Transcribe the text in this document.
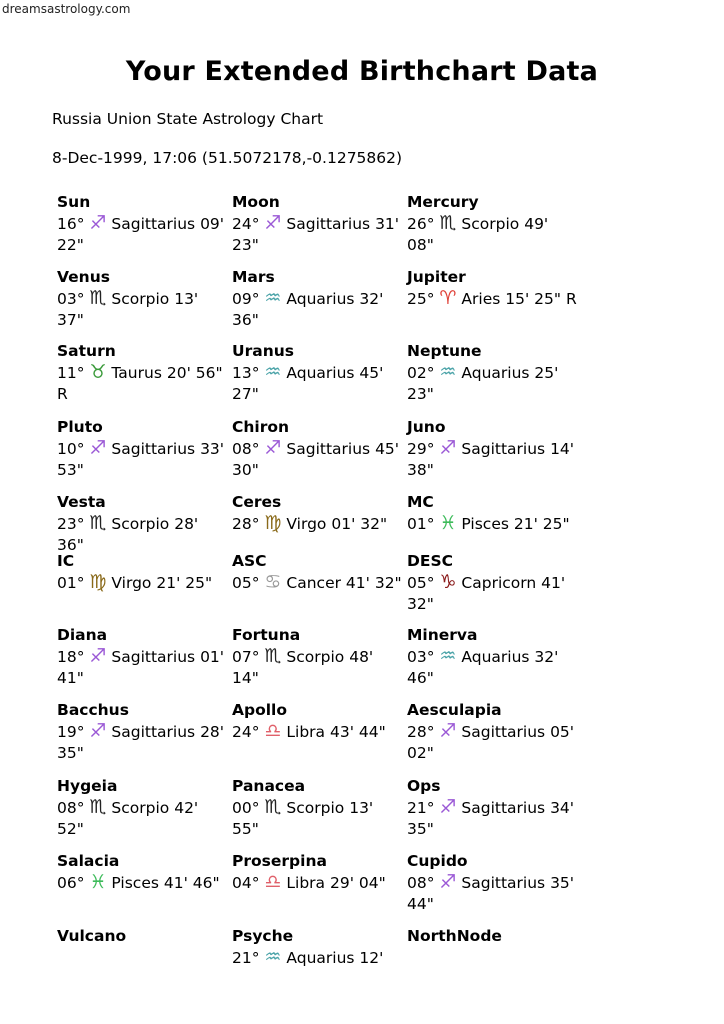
dreamsastrology.com
Your Extended Birthchart Data
Russia Union State Astrology Chart
8-Dec-1999, 17:06 (51.5072178,-0.1275862)
Sun
16° ♐︎ Sagittarius 09' 22"
Moon
24° ♐︎ Sagittarius 31' 23"
Mercury
26° ♏︎ Scorpio 49' 08"
Venus
03° ♏︎ Scorpio 13' 37"
Mars
09° ♒︎ Aquarius 32' 36"
Jupiter
25° ♈︎ Aries 15' 25" R
Saturn
11° ♉︎ Taurus 20' 56" R
Uranus
13° ♒︎ Aquarius 45' 27"
Neptune
02° ♒︎ Aquarius 25' 23"
Pluto
10° ♐︎ Sagittarius 33' 53"
Chiron
08° ♐︎ Sagittarius 45' 30"
Juno
29° ♐︎ Sagittarius 14' 38"
Vesta
23° ♏︎ Scorpio 28' 36"
Ceres
28° ♍︎ Virgo 01' 32"
MC
01° ♓︎ Pisces 21' 25"
IC
01° ♍︎ Virgo 21' 25"
ASC
05° ♋︎ Cancer 41' 32"
DESC
05° ♑︎ Capricorn 41' 32"
Diana
18° ♐︎ Sagittarius 01' 41"
Fortuna
07° ♏︎ Scorpio 48' 14"
Minerva
03° ♒︎ Aquarius 32' 46"
Bacchus
19° ♐︎ Sagittarius 28' 35"
Apollo
24° ♎︎ Libra 43' 44"
Aesculapia
28° ♐︎ Sagittarius 05' 02"
Hygeia
08° ♏︎ Scorpio 42' 52"
Panacea
00° ♏︎ Scorpio 13' 55"
Ops
21° ♐︎ Sagittarius 34' 35"
Salacia
06° ♓︎ Pisces 41' 46"
Proserpina
04° ♎︎ Libra 29' 04"
Cupido
08° ♐︎ Sagittarius 35' 44"
Vulcano	Psyche
21° ♒︎ Aquarius 12'
NorthNode
